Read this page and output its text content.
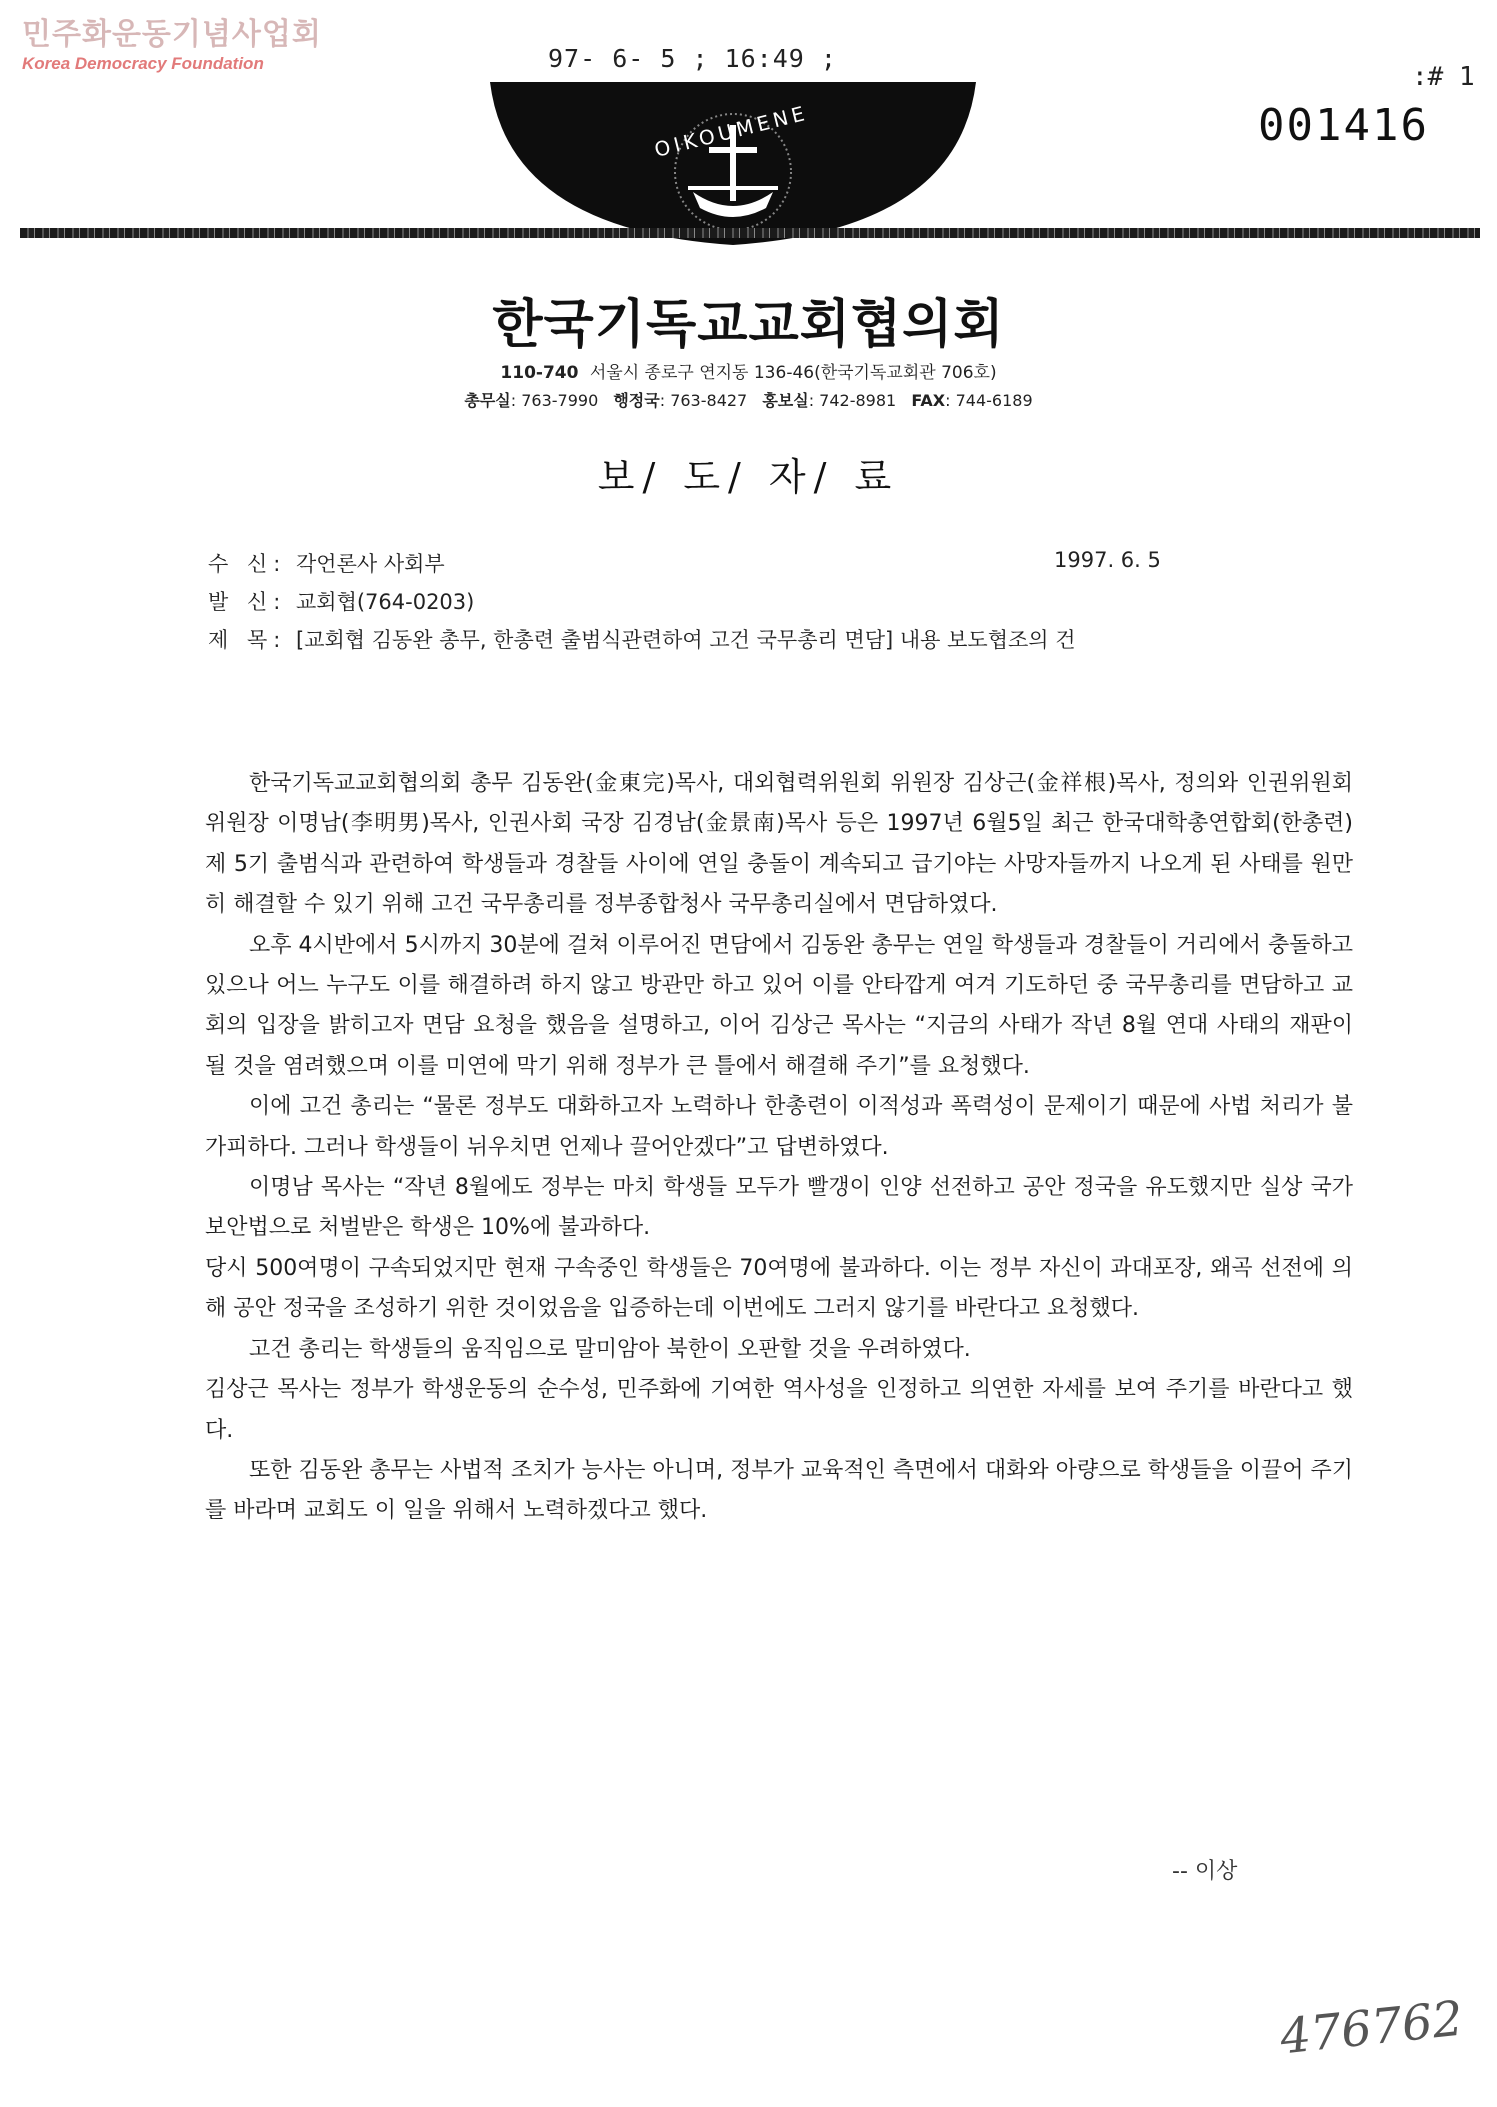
민주화운동기념사업회
Korea Democracy Foundation	97- 6- 5 ; 16:49 ;
:# 1
001416
OIKOUMENE
한국기독교교회협의회
110-740 서울시 종로구 연지동 136-46(한국기독교회관 706호)
총무실: 763-7990 행정국: 763-8427 홍보실: 742-8981 FAX: 744-6189
보/ 도/ 자/ 료
수 신: 각언론사 사회부	1997. 6. 5
발 신: 교회협(764-0203)
제 목: [교회협 김동완 총무, 한총련 출범식관련하여 고건 국무총리 면담] 내용 보도협조의 건

한국기독교교회협의회 총무 김동완(金東完)목사, 대외협력위원회 위원장 김상근(金祥根)목사, 정의와 인권위원회 위원장 이명남(李明男)목사, 인권사회 국장 김경남(金景南)목사 등은 1997년 6월5일 최근 한국대학총연합회(한총련) 제 5기 출범식과 관련하여 학생들과 경찰들 사이에 연일 충돌이 계속되고 급기야는 사망자들까지 나오게 된 사태를 원만히 해결할 수 있기 위해 고건 국무총리를 정부종합청사 국무총리실에서 면담하였다.

오후 4시반에서 5시까지 30분에 걸쳐 이루어진 면담에서 김동완 총무는 연일 학생들과 경찰들이 거리에서 충돌하고 있으나 어느 누구도 이를 해결하려 하지 않고 방관만 하고 있어 이를 안타깝게 여겨 기도하던 중 국무총리를 면담하고 교회의 입장을 밝히고자 면담 요청을 했음을 설명하고, 이어 김상근 목사는 “지금의 사태가 작년 8월 연대 사태의 재판이 될 것을 염려했으며 이를 미연에 막기 위해 정부가 큰 틀에서 해결해 주기”를 요청했다.

이에 고건 총리는 “물론 정부도 대화하고자 노력하나 한총련이 이적성과 폭력성이 문제이기 때문에 사법 처리가 불가피하다. 그러나 학생들이 뉘우치면 언제나 끌어안겠다”고 답변하였다.

이명남 목사는 “작년 8월에도 정부는 마치 학생들 모두가 빨갱이 인양 선전하고 공안 정국을 유도했지만 실상 국가보안법으로 처벌받은 학생은 10%에 불과하다.

당시 500여명이 구속되었지만 현재 구속중인 학생들은 70여명에 불과하다. 이는 정부 자신이 과대포장, 왜곡 선전에 의해 공안 정국을 조성하기 위한 것이었음을 입증하는데 이번에도 그러지 않기를 바란다고 요청했다.

고건 총리는 학생들의 움직임으로 말미암아 북한이 오판할 것을 우려하였다.

김상근 목사는 정부가 학생운동의 순수성, 민주화에 기여한 역사성을 인정하고 의연한 자세를 보여 주기를 바란다고 했다.

또한 김동완 총무는 사법적 조치가 능사는 아니며, 정부가 교육적인 측면에서 대화와 아량으로 학생들을 이끌어 주기를 바라며 교회도 이 일을 위해서 노력하겠다고 했다.

-- 이상
476762
